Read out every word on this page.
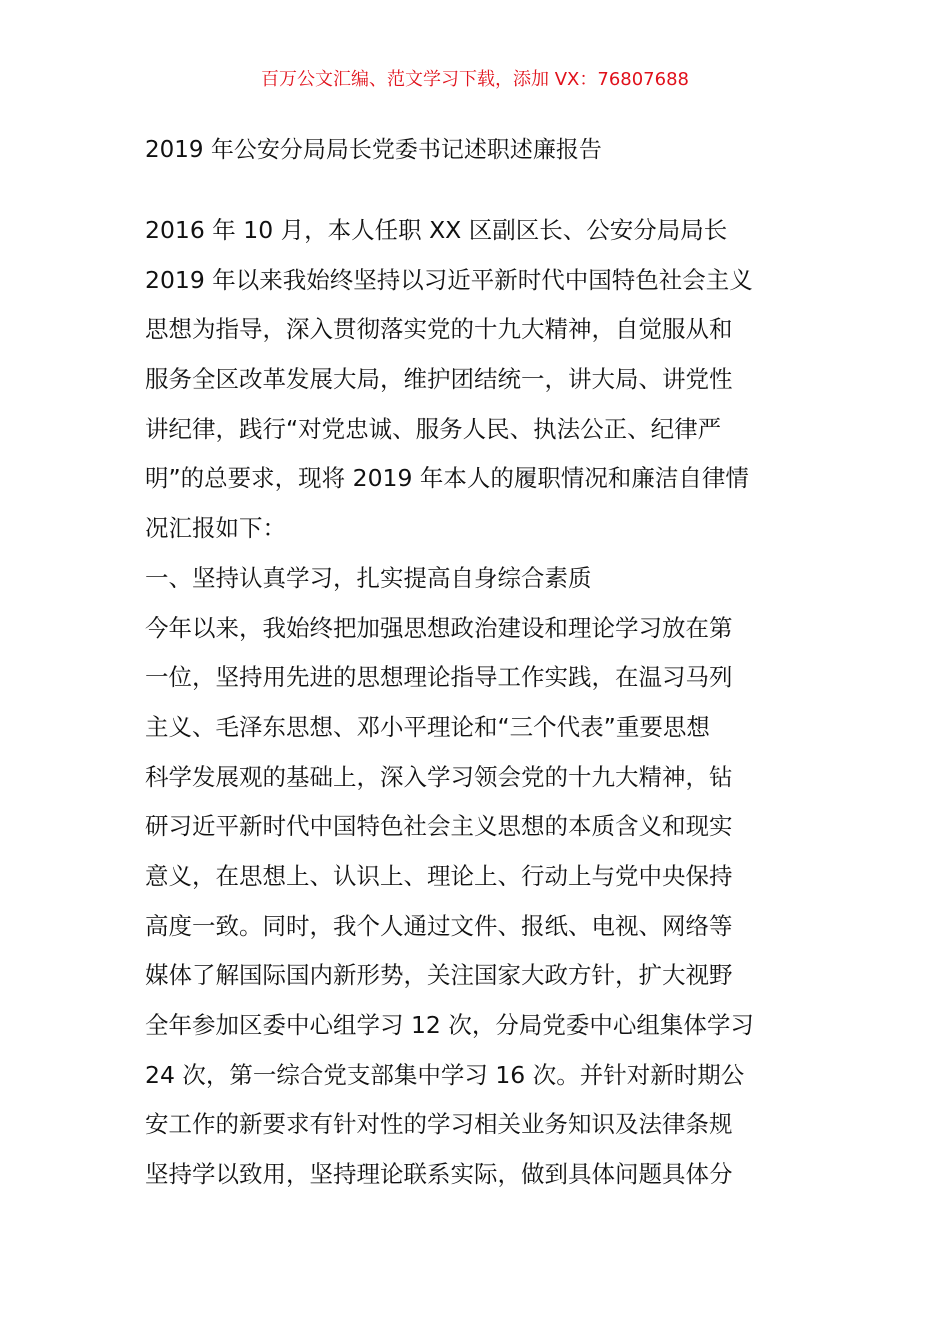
百万公文汇编、范文学习下载，添加 VX：76807688
2019 年公安分局局长党委书记述职述廉报告
2016 年 10 月，本人任职 XX 区副区长、公安分局局长
2019 年以来我始终坚持以习近平新时代中国特色社会主义
思想为指导，深入贯彻落实党的十九大精神，自觉服从和
服务全区改革发展大局，维护团结统一，讲大局、讲党性
讲纪律，践行“对党忠诚、服务人民、执法公正、纪律严
明”的总要求，现将 2019 年本人的履职情况和廉洁自律情
况汇报如下：
一、坚持认真学习，扎实提高自身综合素质
今年以来，我始终把加强思想政治建设和理论学习放在第
一位，坚持用先进的思想理论指导工作实践，在温习马列
主义、毛泽东思想、邓小平理论和“三个代表”重要思想
科学发展观的基础上，深入学习领会党的十九大精神，钻
研习近平新时代中国特色社会主义思想的本质含义和现实
意义，在思想上、认识上、理论上、行动上与党中央保持
高度一致。同时，我个人通过文件、报纸、电视、网络等
媒体了解国际国内新形势，关注国家大政方针，扩大视野
全年参加区委中心组学习 12 次，分局党委中心组集体学习
24 次，第一综合党支部集中学习 16 次。并针对新时期公
安工作的新要求有针对性的学习相关业务知识及法律条规
坚持学以致用，坚持理论联系实际，做到具体问题具体分
